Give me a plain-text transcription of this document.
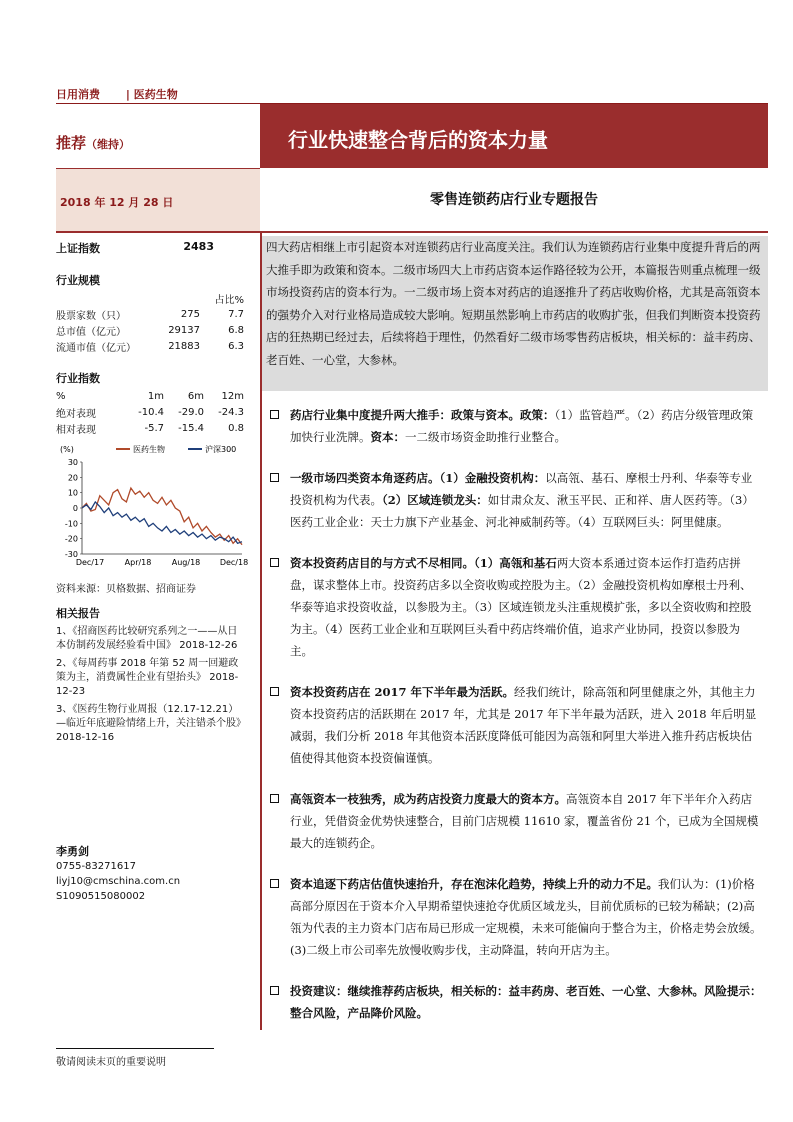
日用消费 | 医药生物
推荐（维持）	行业快速整合背后的资本力量
2018 年 12 月 28 日	零售连锁药店行业专题报告
上证指数	2483
行业规模
		占比%
股票家数（只）	275	7.7
总市值（亿元）	29137	6.8
流通市值（亿元）	21883	6.3
行业指数
%	1m	6m	12m
绝对表现	-10.4	-29.0	-24.3
相对表现	-5.7	-15.4	0.8
(%)	医药生物	沪深300
30
20
10
0
-10
-20
-30
Dec/17	Apr/18	Aug/18 Dec/18
资料来源：贝格数据、招商证券
相关报告
1、《招商医药比较研究系列之一——从日本仿制药发展经验看中国》 2018-12-26
2、《每周药事 2018 年第 52 周一回避政策为主，消费属性企业有望抬头》 2018-12-23
3、《医药生物行业周报（12.17-12.21）—临近年底避险情绪上升，关注错杀个股》 2018-12-16
李勇剑
0755-83271617
liyj10@cmschina.com.cn
S1090515080002
四大药店相继上市引起资本对连锁药店行业高度关注。我们认为连锁药店行业集中度提升背后的两大推手即为政策和资本。二级市场四大上市药店资本运作路径较为公开，本篇报告则重点梳理一级市场投资药店的资本行为。一二级市场上资本对药店的追逐推升了药店收购价格，尤其是高瓴资本的强势介入对行业格局造成较大影响。短期虽然影响上市药店的收购扩张，但我们判断资本投资药店的狂热期已经过去，后续将趋于理性，仍然看好二级市场零售药店板块，相关标的：益丰药房、老百姓、一心堂，大参林。
药店行业集中度提升两大推手：政策与资本。政策：（1）监管趋严。（2）药店分级管理政策加快行业洗牌。资本：一二级市场资金助推行业整合。
一级市场四类资本角逐药店。（1）金融投资机构：以高瓴、基石、摩根士丹利、华泰等专业投资机构为代表。（2）区域连锁龙头：如甘肃众友、湫玉平民、正和祥、唐人医药等。（3）医药工业企业：天士力旗下产业基金、河北神威制药等。（4）互联网巨头：阿里健康。
资本投资药店目的与方式不尽相同。（1）高瓴和基石两大资本系通过资本运作打造药店拼盘，谋求整体上市。投资药店多以全资收购或控股为主。（2）金融投资机构如摩根士丹利、华泰等追求投资收益，以参股为主。（3）区域连锁龙头注重规模扩张，多以全资收购和控股为主。（4）医药工业企业和互联网巨头看中药店终端价值，追求产业协同，投资以参股为主。
资本投资药店在 2017 年下半年最为活跃。经我们统计，除高瓴和阿里健康之外，其他主力资本投资药店的活跃期在 2017 年，尤其是 2017 年下半年最为活跃，进入 2018 年后明显减弱，我们分析 2018 年其他资本活跃度降低可能因为高瓴和阿里大举进入推升药店板块估值使得其他资本投资偏谨慎。
高瓴资本一枝独秀，成为药店投资力度最大的资本方。高瓴资本自 2017 年下半年介入药店行业，凭借资金优势快速整合，目前门店规模 11610 家，覆盖省份 21 个，已成为全国规模最大的连锁药企。
资本追逐下药店估值快速抬升，存在泡沫化趋势，持续上升的动力不足。我们认为：(1)价格高部分原因在于资本介入早期希望快速抢夺优质区域龙头，目前优质标的已较为稀缺；(2)高瓴为代表的主力资本门店布局已形成一定规模，未来可能偏向于整合为主，价格走势会放缓。(3)二级上市公司率先放慢收购步伐，主动降温，转向开店为主。
投资建议：继续推荐药店板块，相关标的：益丰药房、老百姓、一心堂、大参林。风险提示：整合风险，产品降价风险。
敬请阅读末页的重要说明
